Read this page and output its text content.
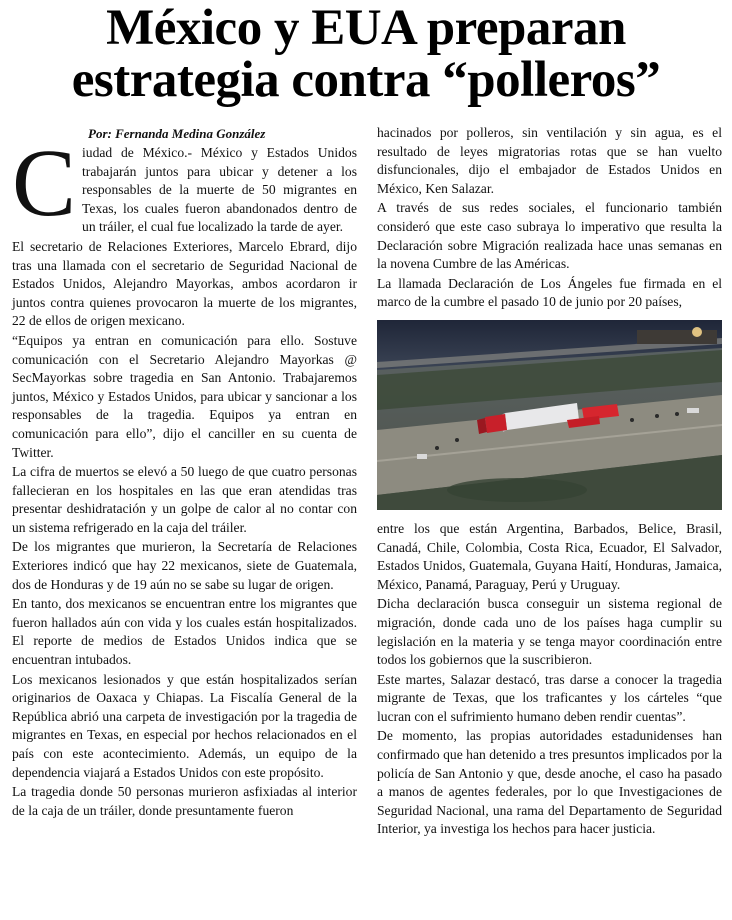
México y EUA preparan
estrategia contra “polleros”
Por: Fernanda Medina González

Ciudad de México.- México y Estados Unidos trabajarán juntos para ubicar y detener a los responsables de la muerte de 50 migrantes en Texas, los cuales fueron abandonados dentro de un tráiler, el cual fue localizado la tarde de ayer.

El secretario de Relaciones Exteriores, Marcelo Ebrard, dijo tras una llamada con el secretario de Seguridad Nacional de Estados Unidos, Alejandro Mayorkas, ambos acordaron ir juntos contra quienes provocaron la muerte de los migrantes, 22 de ellos de origen mexicano.

“Equipos ya entran en comunicación para ello. Sostuve comunicación con el Secretario Alejandro Mayorkas @ SecMayorkas sobre tragedia en San Antonio. Trabajaremos juntos, México y Estados Unidos, para ubicar y sancionar a los responsables de la tragedia. Equipos ya entran en comunicación para ello”, dijo el canciller en su cuenta de Twitter.

La cifra de muertos se elevó a 50 luego de que cuatro personas fallecieran en los hospitales en las que eran atendidas tras presentar deshidratación y un golpe de calor al no contar con un sistema refrigerado en la caja del tráiler.

De los migrantes que murieron, la Secretaría de Relaciones Exteriores indicó que hay 22 mexicanos, siete de Guatemala, dos de Honduras y de 19 aún no se sabe su lugar de origen.

En tanto, dos mexicanos se encuentran entre los migrantes que fueron hallados aún con vida y los cuales están hospitalizados. El reporte de medios de Estados Unidos indica que se encuentran intubados.

Los mexicanos lesionados y que están hospitalizados serían originarios de Oaxaca y Chiapas. La Fiscalía General de la República abrió una carpeta de investigación por la tragedia de migrantes en Texas, en especial por hechos relacionados en el país con este acontecimiento. Además, un equipo de la dependencia viajará a Estados Unidos con este propósito.

La tragedia donde 50 personas murieron asfixiadas al interior de la caja de un tráiler, donde presuntamente fueron

hacinados por polleros, sin ventilación y sin agua, es el resultado de leyes migratorias rotas que se han vuelto disfuncionales, dijo el embajador de Estados Unidos en México, Ken Salazar.

A través de sus redes sociales, el funcionario también consideró que este caso subraya lo imperativo que resulta la Declaración sobre Migración realizada hace unas semanas en la novena Cumbre de las Américas.

La llamada Declaración de Los Ángeles fue firmada en el marco de la cumbre el pasado 10 de junio por 20 países,

entre los que están Argentina, Barbados, Belice, Brasil, Canadá, Chile, Colombia, Costa Rica, Ecuador, El Salvador, Estados Unidos, Guatemala, Guyana Haití, Honduras, Jamaica, México, Panamá, Paraguay, Perú y Uruguay.

Dicha declaración busca conseguir un sistema regional de migración, donde cada uno de los países haga cumplir su legislación en la materia y se tenga mayor coordinación entre todos los gobiernos que la suscribieron.

Este martes, Salazar destacó, tras darse a conocer la tragedia migrante de Texas, que los traficantes y los cárteles “que lucran con el sufrimiento humano deben rendir cuentas”.

De momento, las propias autoridades estadunidenses han confirmado que han detenido a tres presuntos implicados por la policía de San Antonio y que, desde anoche, el caso ha pasado a manos de agentes federales, por lo que Investigaciones de Seguridad Nacional, una rama del Departamento de Seguridad Interior, ya investiga los hechos para hacer justicia.
